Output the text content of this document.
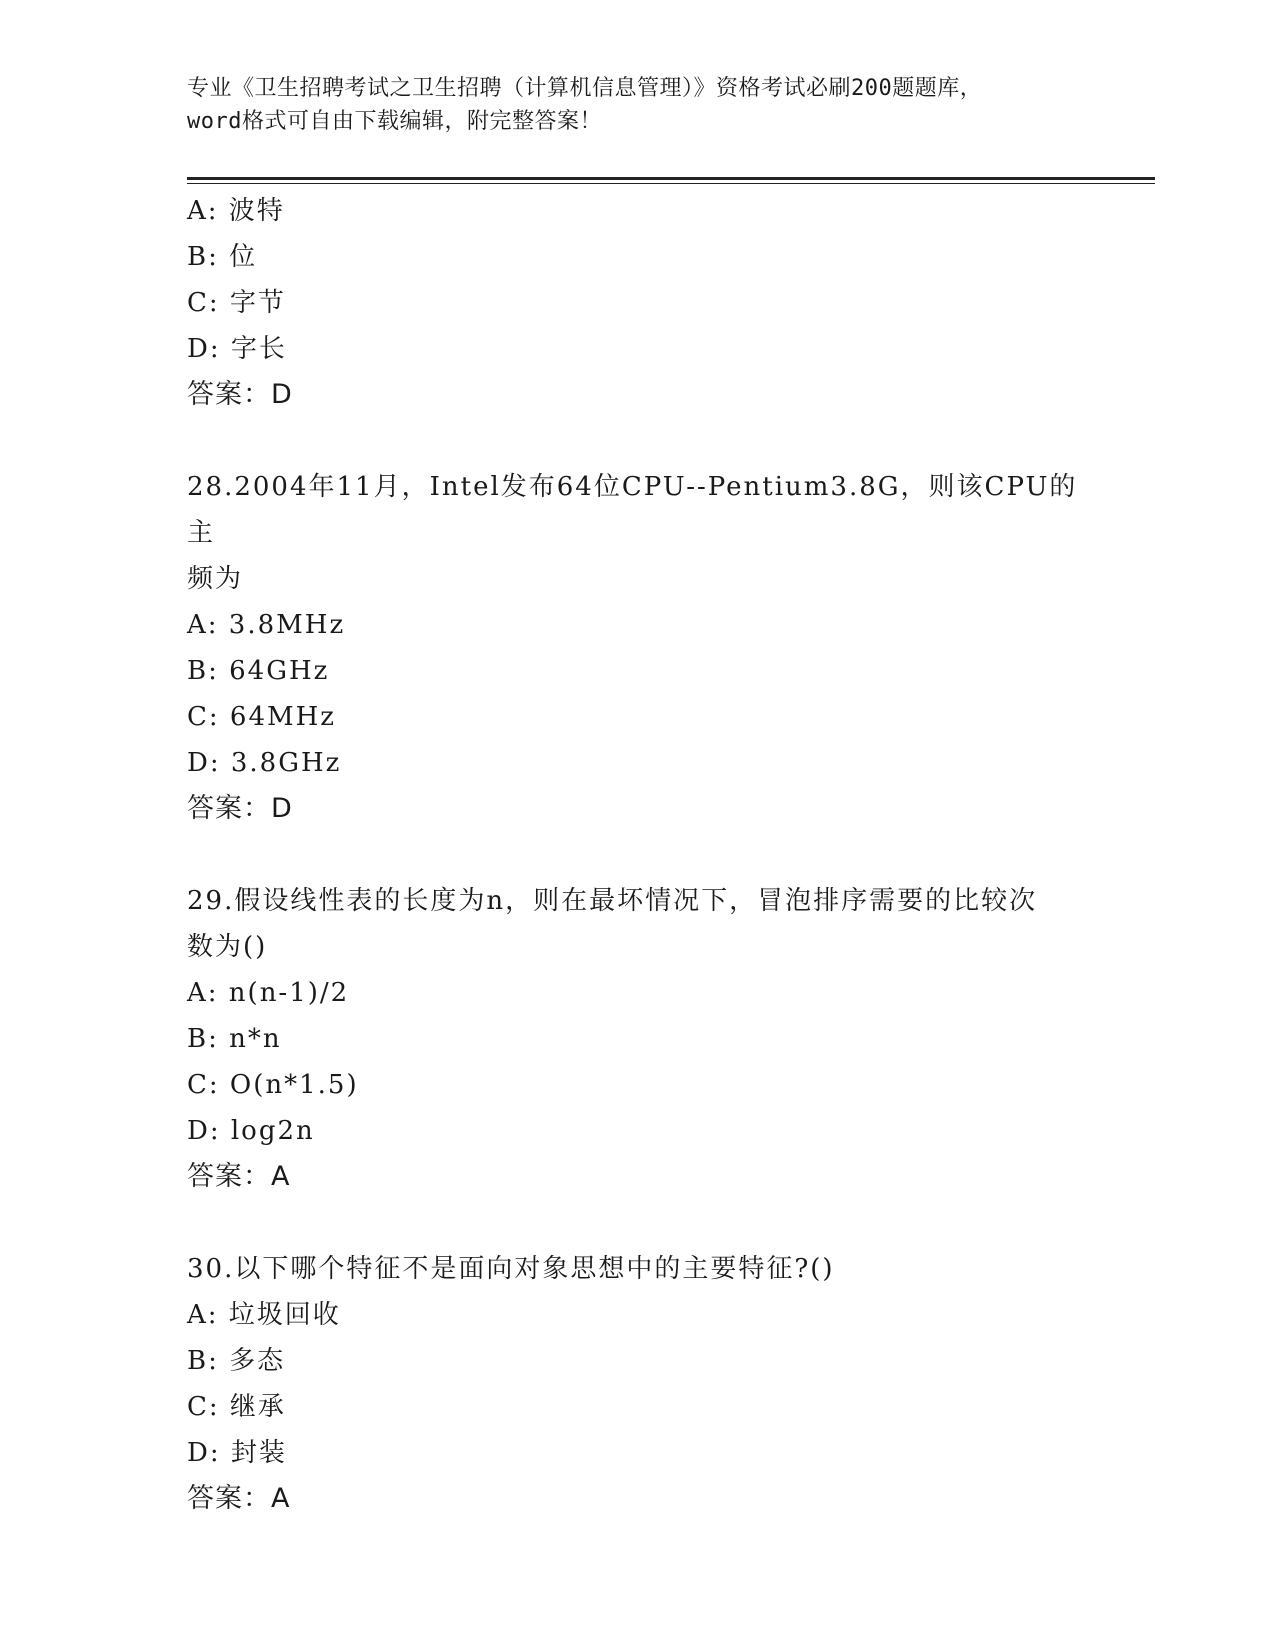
专业《卫生招聘考试之卫生招聘（计算机信息管理）》资格考试必刷200题题库，
word格式可自由下载编辑，附完整答案！
A: 波特
B: 位
C: 字节
D: 字长
答案：D
28.2004年11月，Intel发布64位CPU--Pentium3.8G，则该CPU的主
频为
A: 3.8MHz
B: 64GHz
C: 64MHz
D: 3.8GHz
答案：D
29.假设线性表的长度为n，则在最坏情况下，冒泡排序需要的比较次
数为()
A: n(n-1)/2
B: n*n
C: O(n*1.5)
D: log2n
答案：A
30.以下哪个特征不是面向对象思想中的主要特征?()
A: 垃圾回收
B: 多态
C: 继承
D: 封装
答案：A
